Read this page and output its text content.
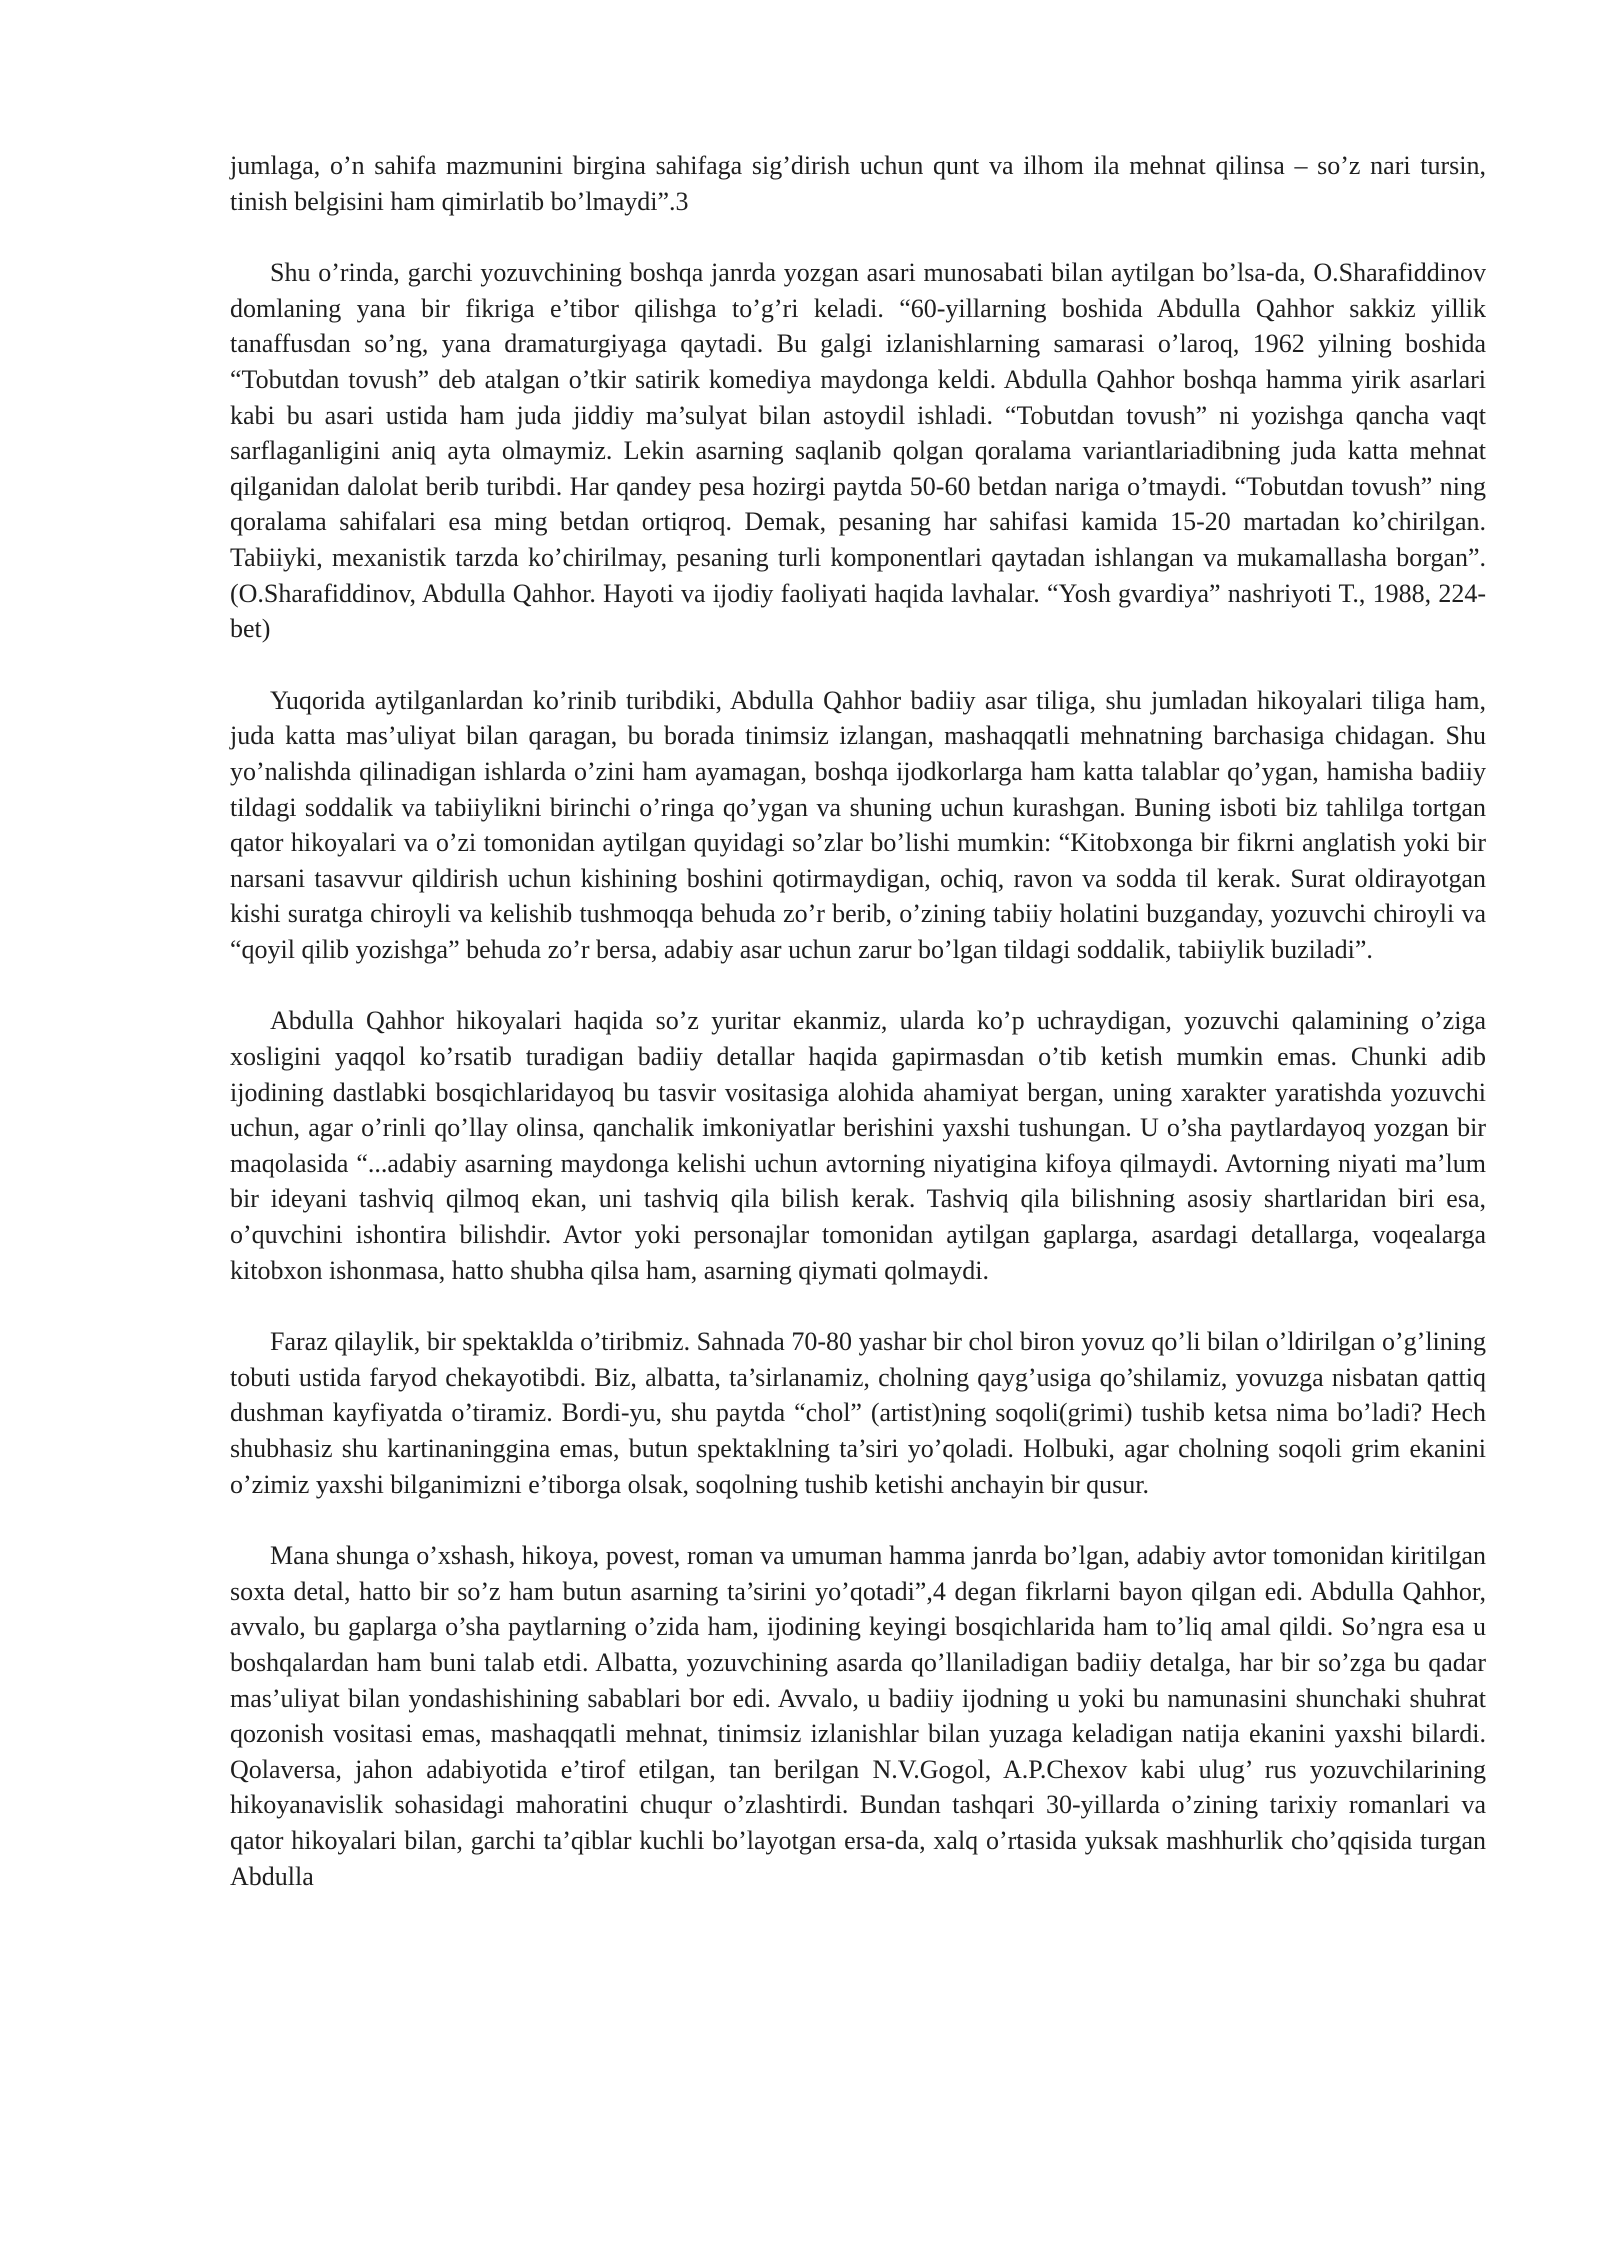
jumlaga, o’n sahifa mazmunini birgina sahifaga sig’dirish uchun qunt va ilhom ila mehnat qilinsa – so’z nari tursin, tinish belgisini ham qimirlatib bo’lmaydi”.3

Shu o’rinda, garchi yozuvchining boshqa janrda yozgan asari munosabati bilan aytilgan bo’lsa-da, O.Sharafiddinov domlaning yana bir fikriga e’tibor qilishga to’g’ri keladi. “60-yillarning boshida Abdulla Qahhor sakkiz yillik tanaffusdan so’ng, yana dramaturgiyaga qaytadi. Bu galgi izlanishlarning samarasi o’laroq, 1962 yilning boshida “Tobutdan tovush” deb atalgan o’tkir satirik komediya maydonga keldi. Abdulla Qahhor boshqa hamma yirik asarlari kabi bu asari ustida ham juda jiddiy ma’sulyat bilan astoydil ishladi. “Tobutdan tovush” ni yozishga qancha vaqt sarflaganligini aniq ayta olmaymiz. Lekin asarning saqlanib qolgan qoralama variantlariadibning juda katta mehnat qilganidan dalolat berib turibdi. Har qandey pesa hozirgi paytda 50-60 betdan nariga o’tmaydi. “Tobutdan tovush” ning qoralama sahifalari esa ming betdan ortiqroq. Demak, pesaning har sahifasi kamida 15-20 martadan ko’chirilgan. Tabiiyki, mexanistik tarzda ko’chirilmay, pesaning turli komponentlari qaytadan ishlangan va mukamallasha borgan”. (O.Sharafiddinov, Abdulla Qahhor. Hayoti va ijodiy faoliyati haqida lavhalar. “Yosh gvardiya” nashriyoti T., 1988, 224-bet)

Yuqorida aytilganlardan ko’rinib turibdiki, Abdulla Qahhor badiiy asar tiliga, shu jumladan hikoyalari tiliga ham, juda katta mas’uliyat bilan qaragan, bu borada tinimsiz izlangan, mashaqqatli mehnatning barchasiga chidagan. Shu yo’nalishda qilinadigan ishlarda o’zini ham ayamagan, boshqa ijodkorlarga ham katta talablar qo’ygan, hamisha badiiy tildagi soddalik va tabiiylikni birinchi o’ringa qo’ygan va shuning uchun kurashgan. Buning isboti biz tahlilga tortgan qator hikoyalari va o’zi tomonidan aytilgan quyidagi so’zlar bo’lishi mumkin: “Kitobxonga bir fikrni anglatish yoki bir narsani tasavvur qildirish uchun kishining boshini qotirmaydigan, ochiq, ravon va sodda til kerak. Surat oldirayotgan kishi suratga chiroyli va kelishib tushmoqqa behuda zo’r berib, o’zining tabiiy holatini buzganday, yozuvchi chiroyli va “qoyil qilib yozishga” behuda zo’r bersa, adabiy asar uchun zarur bo’lgan tildagi soddalik, tabiiylik buziladi”.

Abdulla Qahhor hikoyalari haqida so’z yuritar ekanmiz, ularda ko’p uchraydigan, yozuvchi qalamining o’ziga xosligini yaqqol ko’rsatib turadigan badiiy detallar haqida gapirmasdan o’tib ketish mumkin emas. Chunki adib ijodining dastlabki bosqichlaridayoq bu tasvir vositasiga alohida ahamiyat bergan, uning xarakter yaratishda yozuvchi uchun, agar o’rinli qo’llay olinsa, qanchalik imkoniyatlar berishini yaxshi tushungan. U o’sha paytlardayoq yozgan bir maqolasida “...adabiy asarning maydonga kelishi uchun avtorning niyatigina kifoya qilmaydi. Avtorning niyati ma’lum bir ideyani tashviq qilmoq ekan, uni tashviq qila bilish kerak. Tashviq qila bilishning asosiy shartlaridan biri esa, o’quvchini ishontira bilishdir. Avtor yoki personajlar tomonidan aytilgan gaplarga, asardagi detallarga, voqealarga kitobxon ishonmasa, hatto shubha qilsa ham, asarning qiymati qolmaydi.

Faraz qilaylik, bir spektaklda o’tiribmiz. Sahnada 70-80 yashar bir chol biron yovuz qo’li bilan o’ldirilgan o’g’lining tobuti ustida faryod chekayotibdi. Biz, albatta, ta’sirlanamiz, cholning qayg’usiga qo’shilamiz, yovuzga nisbatan qattiq dushman kayfiyatda o’tiramiz. Bordi-yu, shu paytda “chol” (artist)ning soqoli(grimi) tushib ketsa nima bo’ladi? Hech shubhasiz shu kartinaninggina emas, butun spektaklning ta’siri yo’qoladi. Holbuki, agar cholning soqoli grim ekanini o’zimiz yaxshi bilganimizni e’tiborga olsak, soqolning tushib ketishi anchayin bir qusur.

Mana shunga o’xshash, hikoya, povest, roman va umuman hamma janrda bo’lgan, adabiy avtor tomonidan kiritilgan soxta detal, hatto bir so’z ham butun asarning ta’sirini yo’qotadi”,4 degan fikrlarni bayon qilgan edi. Abdulla Qahhor, avvalo, bu gaplarga o’sha paytlarning o’zida ham, ijodining keyingi bosqichlarida ham to’liq amal qildi. So’ngra esa u boshqalardan ham buni talab etdi. Albatta, yozuvchining asarda qo’llaniladigan badiiy detalga, har bir so’zga bu qadar mas’uliyat bilan yondashishining sabablari bor edi. Avvalo, u badiiy ijodning u yoki bu namunasini shunchaki shuhrat qozonish vositasi emas, mashaqqatli mehnat, tinimsiz izlanishlar bilan yuzaga keladigan natija ekanini yaxshi bilardi. Qolaversa, jahon adabiyotida e’tirof etilgan, tan berilgan N.V.Gogol, A.P.Chexov kabi ulug’ rus yozuvchilarining hikoyanavislik sohasidagi mahoratini chuqur o’zlashtirdi. Bundan tashqari 30-yillarda o’zining tarixiy romanlari va qator hikoyalari bilan, garchi ta’qiblar kuchli bo’layotgan ersa-da, xalq o’rtasida yuksak mashhurlik cho’qqisida turgan Abdulla
